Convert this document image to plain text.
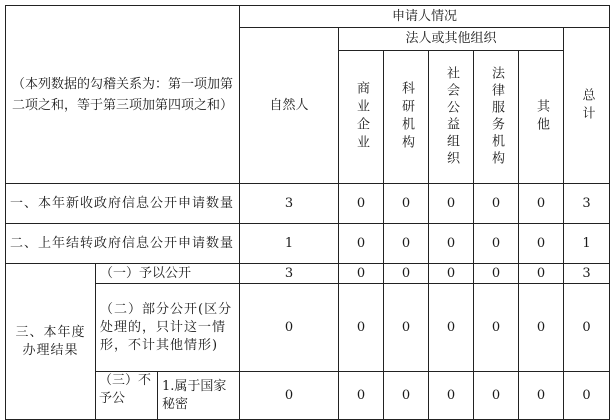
（本列数据的勾稽关系为：第一项加第二项之和，等于第三项加第四项之和）			申请人情况						
			自然人	法人或其他组织					总计

				商业企业	科研机构	社会公益组织	法律服务机构	其他	

一、本年新收政府信息公开申请数量			3	0	0	0	0	0	3
二、上年结转政府信息公开申请数量			1	0	0	0	0	0	1
三、本年度办理结果	（一）予以公开		3	0	0	0	0	0	3
	（二）部分公开(区分处理的，只计这一情形，不计其他情形)		0	0	0	0	0	0	0
	（三）不予公	1.属于国家秘密	0	0	0	0	0	0	0
